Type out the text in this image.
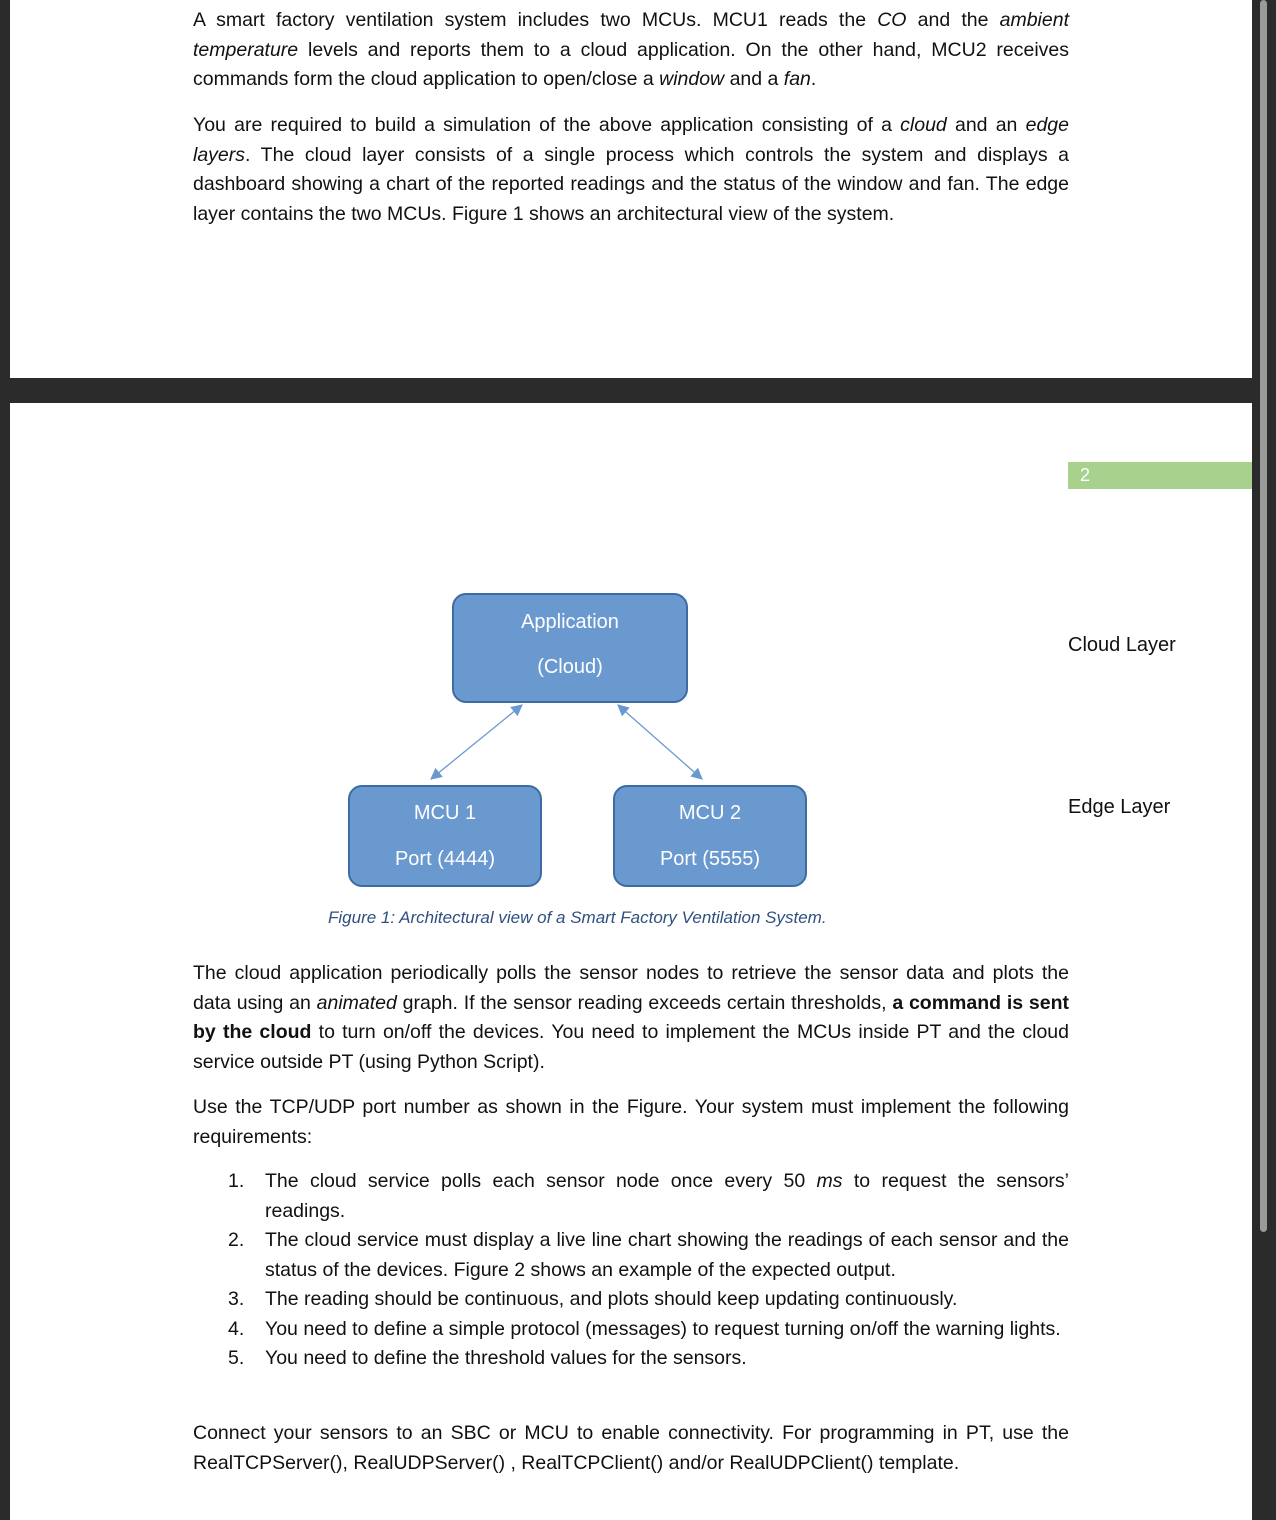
A smart factory ventilation system includes two MCUs. MCU1 reads the CO and the ambient temperature levels and reports them to a cloud application. On the other hand, MCU2 receives commands form the cloud application to open/close a window and a fan.

You are required to build a simulation of the above application consisting of a cloud and an edge layers. The cloud layer consists of a single process which controls the system and displays a dashboard showing a chart of the reported readings and the status of the window and fan. The edge layer contains the two MCUs. Figure 1 shows an architectural view of the system.

2
Application
(Cloud)
MCU 1
Port (4444)
MCU 2
Port (5555)
Cloud Layer
Edge Layer
Figure 1: Architectural view of a Smart Factory Ventilation System.

The cloud application periodically polls the sensor nodes to retrieve the sensor data and plots the data using an animated graph. If the sensor reading exceeds certain thresholds, a command is sent by the cloud to turn on/off the devices. You need to implement the MCUs inside PT and the cloud service outside PT (using Python Script).

Use the TCP/UDP port number as shown in the Figure. Your system must implement the following requirements:

1. The cloud service polls each sensor node once every 50 ms to request the sensors’ readings.
2. The cloud service must display a live line chart showing the readings of each sensor and the status of the devices. Figure 2 shows an example of the expected output.
3. The reading should be continuous, and plots should keep updating continuously.
4. You need to define a simple protocol (messages) to request turning on/off the warning lights.
5. You need to define the threshold values for the sensors.

Connect your sensors to an SBC or MCU to enable connectivity. For programming in PT, use the RealTCPServer(), RealUDPServer() , RealTCPClient() and/or RealUDPClient() template.
